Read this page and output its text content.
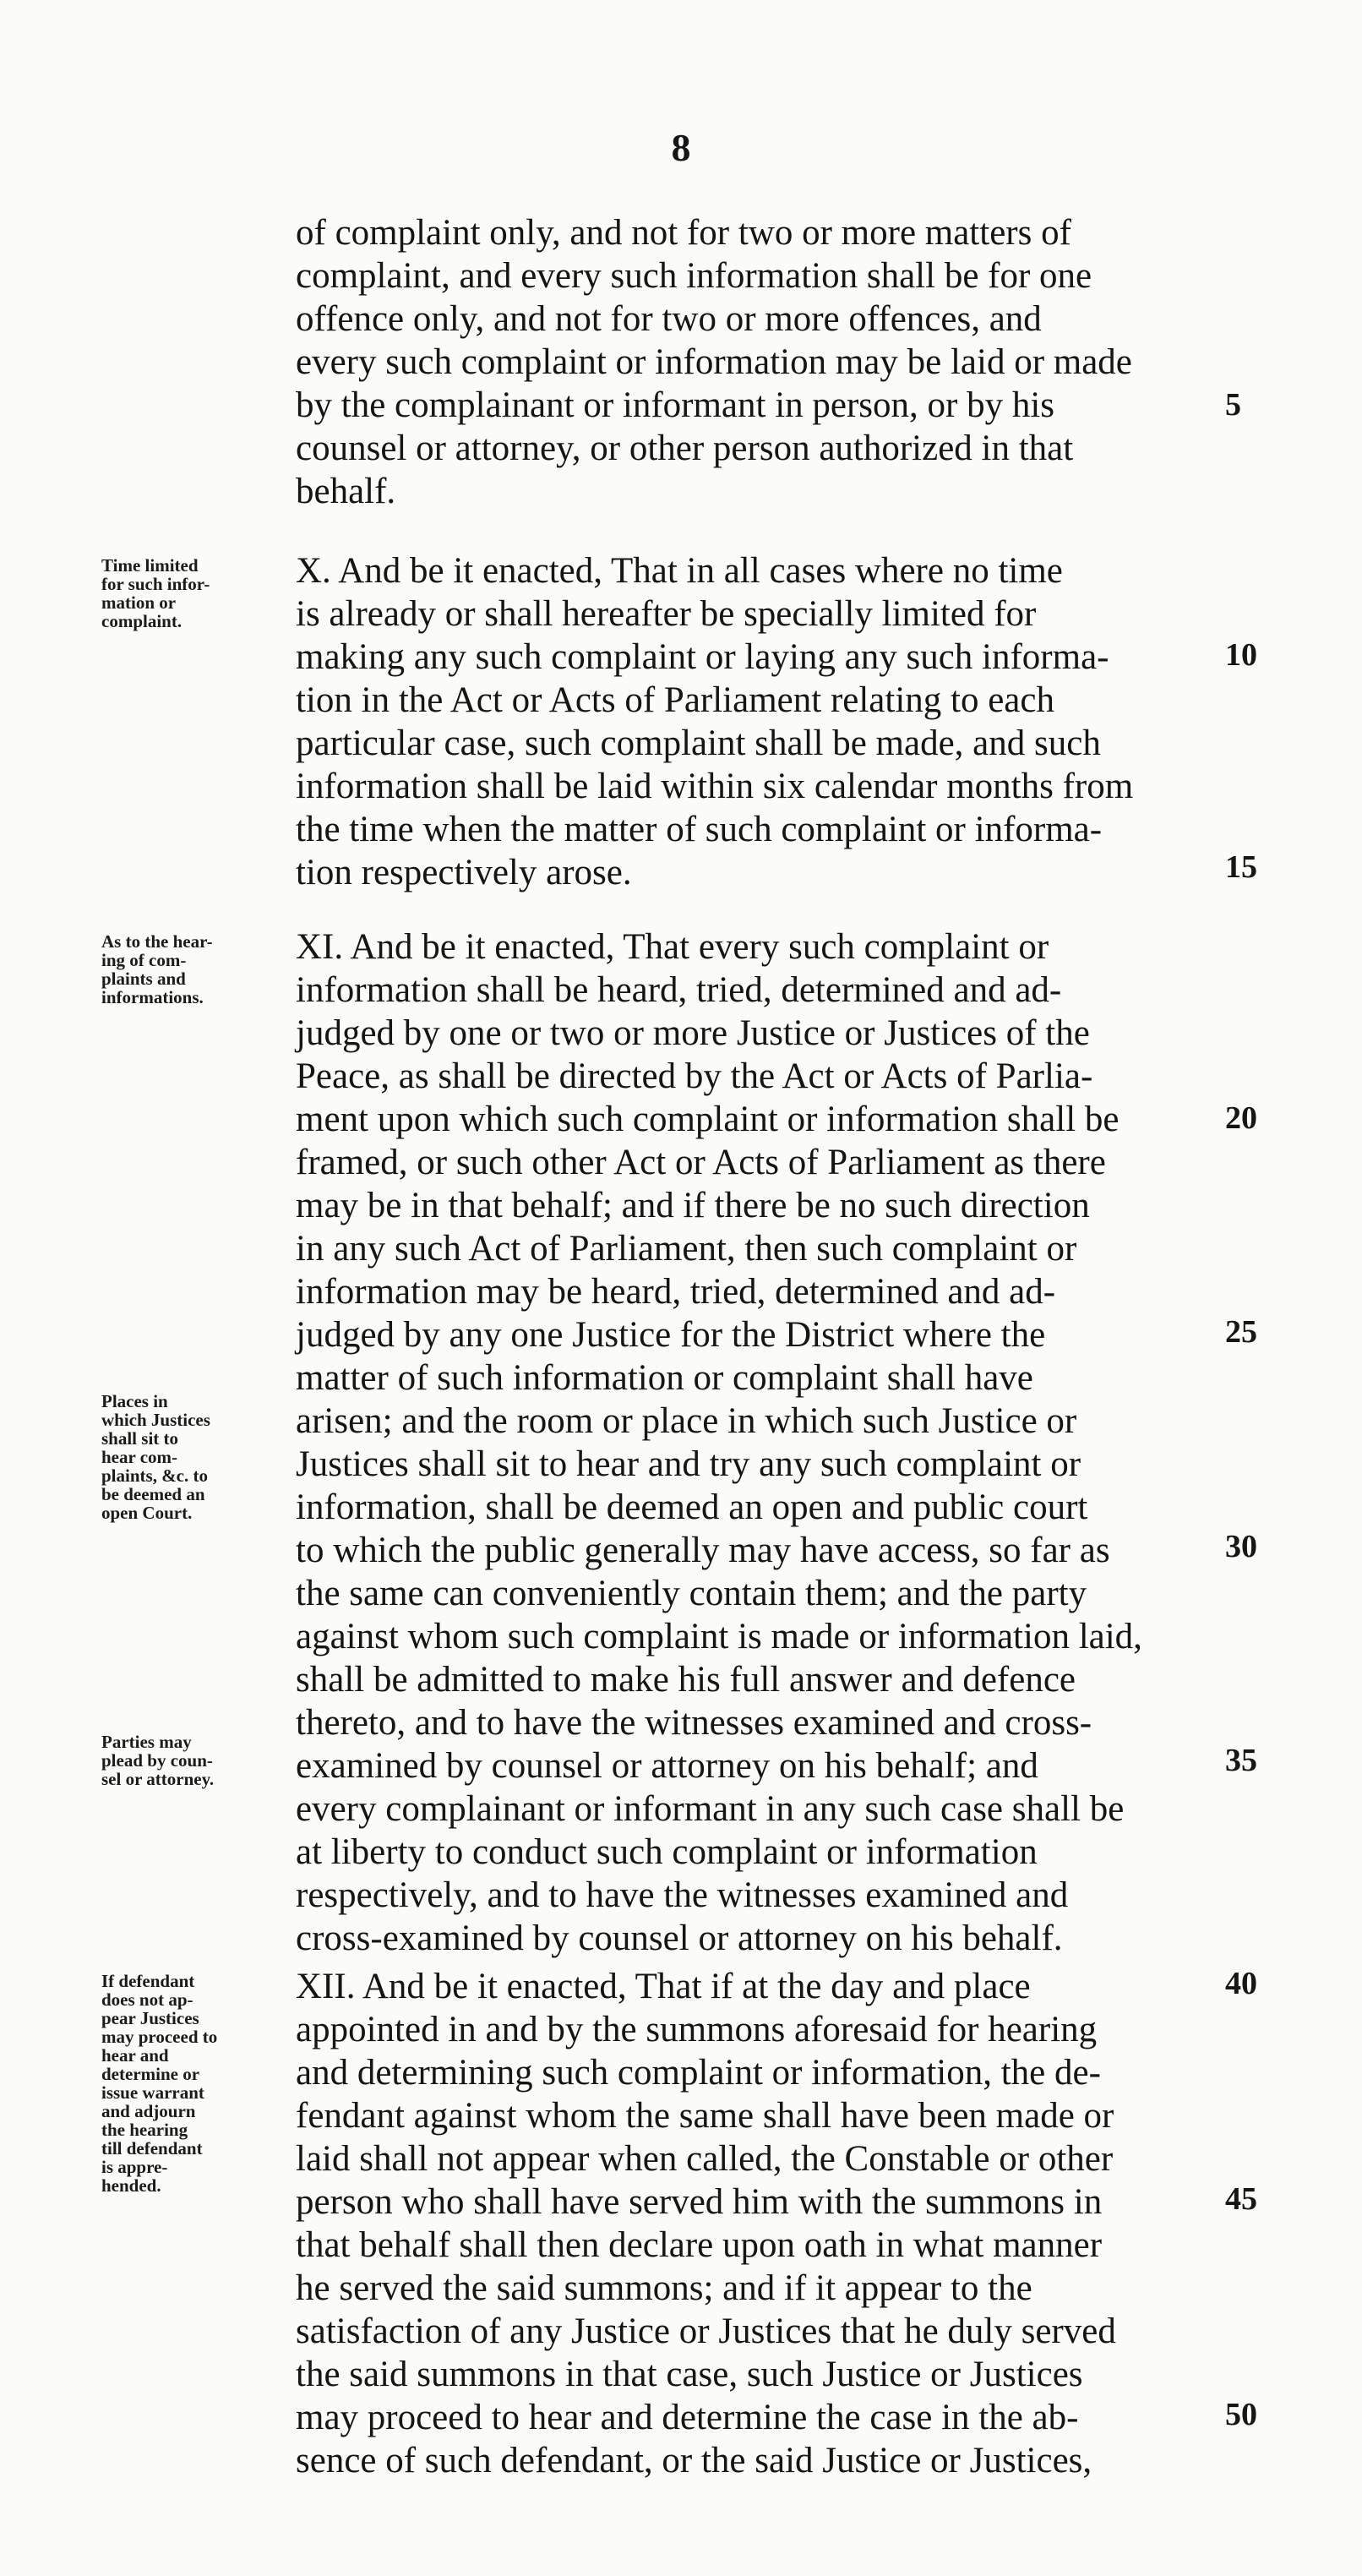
8
of complaint only, and not for two or more matters of
complaint, and every such information shall be for one
offence only, and not for two or more offences, and
every such complaint or information may be laid or made
by the complainant or informant in person, or by his
counsel or attorney, or other person authorized in that
behalf.
X. And be it enacted, That in all cases where no time
is already or shall hereafter be specially limited for
making any such complaint or laying any such informa-
tion in the Act or Acts of Parliament relating to each
particular case, such complaint shall be made, and such
information shall be laid within six calendar months from
the time when the matter of such complaint or informa-
tion respectively arose.
XI. And be it enacted, That every such complaint or
information shall be heard, tried, determined and ad-
judged by one or two or more Justice or Justices of the
Peace, as shall be directed by the Act or Acts of Parlia-
ment upon which such complaint or information shall be
framed, or such other Act or Acts of Parliament as there
may be in that behalf; and if there be no such direction
in any such Act of Parliament, then such complaint or
information may be heard, tried, determined and ad-
judged by any one Justice for the District where the
matter of such information or complaint shall have
arisen; and the room or place in which such Justice or
Justices shall sit to hear and try any such complaint or
information, shall be deemed an open and public court
to which the public generally may have access, so far as
the same can conveniently contain them; and the party
against whom such complaint is made or information laid,
shall be admitted to make his full answer and defence
thereto, and to have the witnesses examined and cross-
examined by counsel or attorney on his behalf; and
every complainant or informant in any such case shall be
at liberty to conduct such complaint or information
respectively, and to have the witnesses examined and
cross-examined by counsel or attorney on his behalf.
XII. And be it enacted, That if at the day and place
appointed in and by the summons aforesaid for hearing
and determining such complaint or information, the de-
fendant against whom the same shall have been made or
laid shall not appear when called, the Constable or other
person who shall have served him with the summons in
that behalf shall then declare upon oath in what manner
he served the said summons; and if it appear to the
satisfaction of any Justice or Justices that he duly served
the said summons in that case, such Justice or Justices
may proceed to hear and determine the case in the ab-
sence of such defendant, or the said Justice or Justices,
5
10
15
20
25
30
35
40
45
50
Time limited
for such infor-
mation or
complaint.
As to the hear-
ing of com-
plaints and
informations.
Places in
which Justices
shall sit to
hear com-
plaints, &c. to
be deemed an
open Court.
Parties may
plead by coun-
sel or attorney.
If defendant
does not ap-
pear Justices
may proceed to
hear and
determine or
issue warrant
and adjourn
the hearing
till defendant
is appre-
hended.
